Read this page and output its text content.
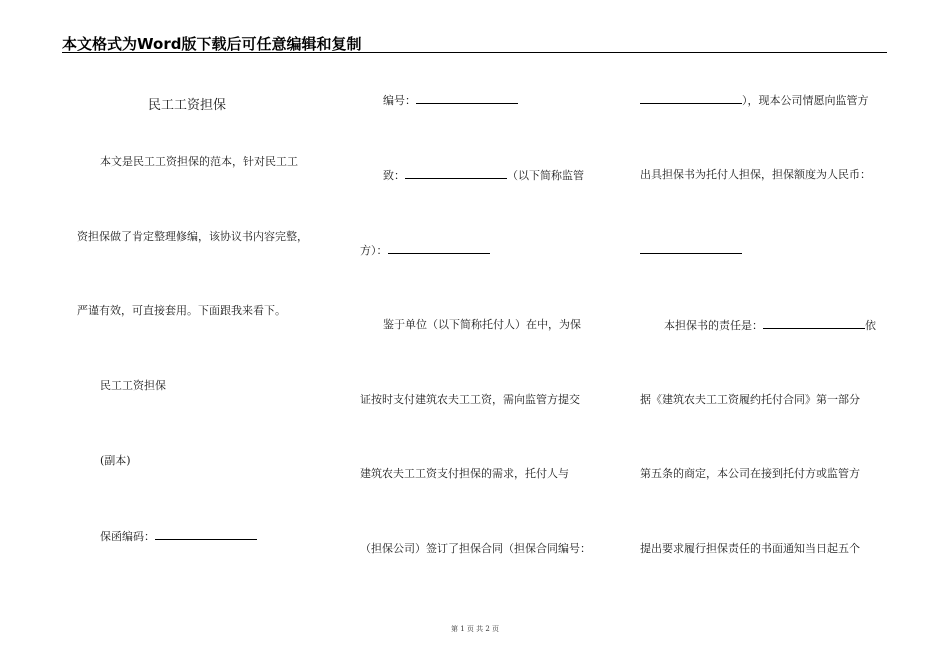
本文格式为Word版下载后可任意编辑和复制
民工工资担保
本文是民工工资担保的范本，针对民工工
资担保做了肯定整理修编，该协议书内容完整，
严谨有效，可直接套用。下面跟我来看下。
民工工资担保
(副本)
保函编码：
编号：
致：	（以下简称监管
方）：
鉴于单位（以下简称托付人）在中，为保
证按时支付建筑农夫工工资，需向监管方提交
建筑农夫工工资支付担保的需求，托付人与
（担保公司）签订了担保合同（担保合同编号：
），现本公司情愿向监管方
出具担保书为托付人担保，担保额度为人民币：
本担保书的责任是：	依
据《建筑农夫工工资履约托付合同》第一部分
第五条的商定，本公司在接到托付方或监管方
提出要求履行担保责任的书面通知当日起五个
第 1 页 共 2 页
